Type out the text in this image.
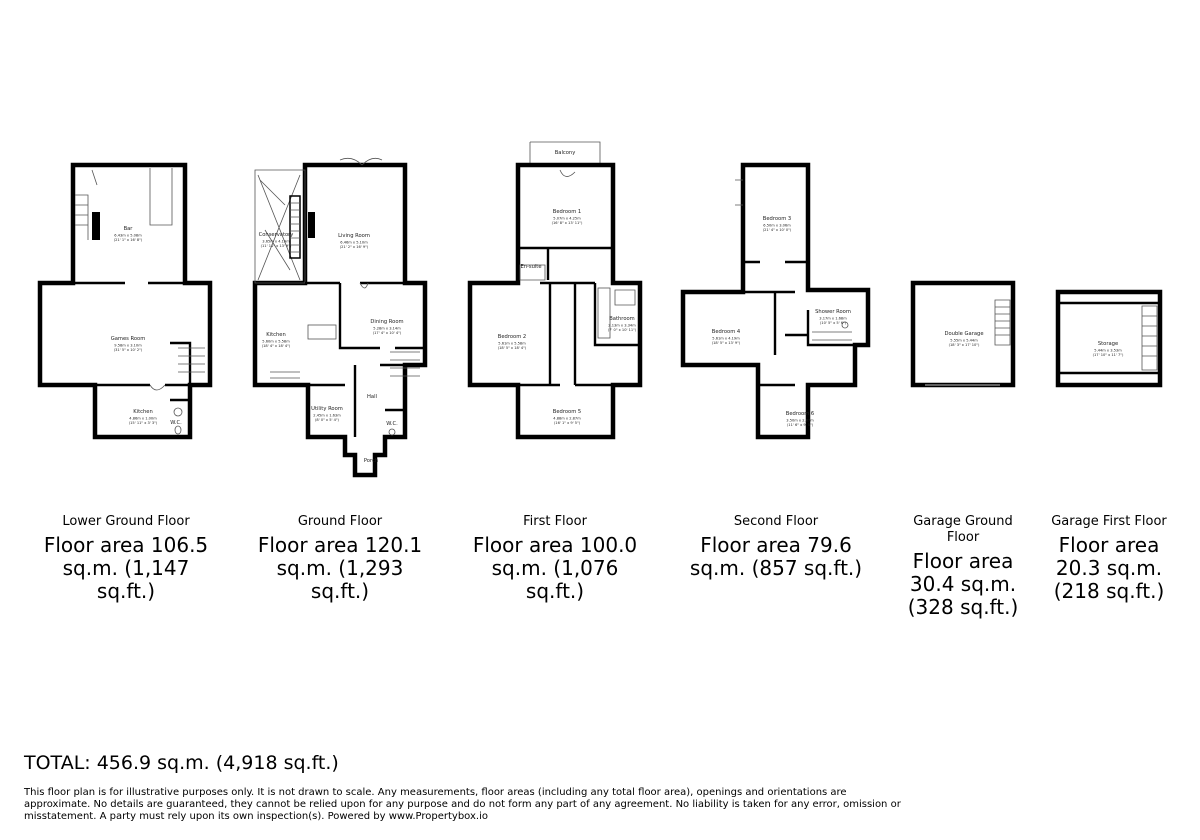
Bar
6.43m x 5.08m
(21' 1" x 16' 8")
Games Room
9.58m x 3.10m
(31' 5" x 10' 2")
Kitchen
4.86m x 1.00m
(15' 11" x 3' 3")	W.C.
Conservatory
3.65m x 4.19m
(11' 11" x 13' 9")
Living Room
6.46m x 5.10m
(21' 2" x 16' 9")
Kitchen
5.60m x 5.58m
(18' 4" x 18' 4")
Dining Room
5.28m x 3.14m
(17' 4" x 10' 4")
Utility Room
2.45m x 1.63m
(8' 0" x 5' 4")
Hall
W.C.
Porch
Balcony
Bedroom 1
5.07m x 4.25m
(16' 8" x 13' 11")
Bedroom 2
5.61m x 5.58m
(18' 5" x 18' 4")
Bathroom
2.13m x 3.34m
(7' 0" x 10' 11")
Bedroom 5
4.88m x 2.87m
(16' 1" x 9' 5")
En-suite
Bedroom 3
6.50m x 3.06m
(21' 4" x 10' 0")
Bedroom 4
5.61m x 4.19m
(18' 5" x 13' 9")
Shower Room
3.17m x 1.68m
(10' 5" x 5' 6")
Bedroom 6
3.50m x 2.87m
(11' 6" x 9' 5")
Double Garage
5.55m x 5.44m
(18' 3" x 17' 10")	Storage
5.44m x 3.53m
(17' 10" x 11' 7")
Lower Ground Floor
Floor area 106.5 sq.m. (1,147 sq.ft.)
Ground Floor
Floor area 120.1 sq.m. (1,293 sq.ft.)
First Floor
Floor area 100.0 sq.m. (1,076 sq.ft.)
Second Floor
Floor area 79.6 sq.m. (857 sq.ft.)
Garage Ground Floor
Floor area 30.4 sq.m. (328 sq.ft.)
Garage First Floor
Floor area 20.3 sq.m. (218 sq.ft.)
TOTAL: 456.9 sq.m. (4,918 sq.ft.)
This floor plan is for illustrative purposes only. It is not drawn to scale. Any measurements, floor areas (including any total floor area), openings and orientations are approximate. No details are guaranteed, they cannot be relied upon for any purpose and do not form any part of any agreement. No liability is taken for any error, omission or misstatement. A party must rely upon its own inspection(s). Powered by www.Propertybox.io
